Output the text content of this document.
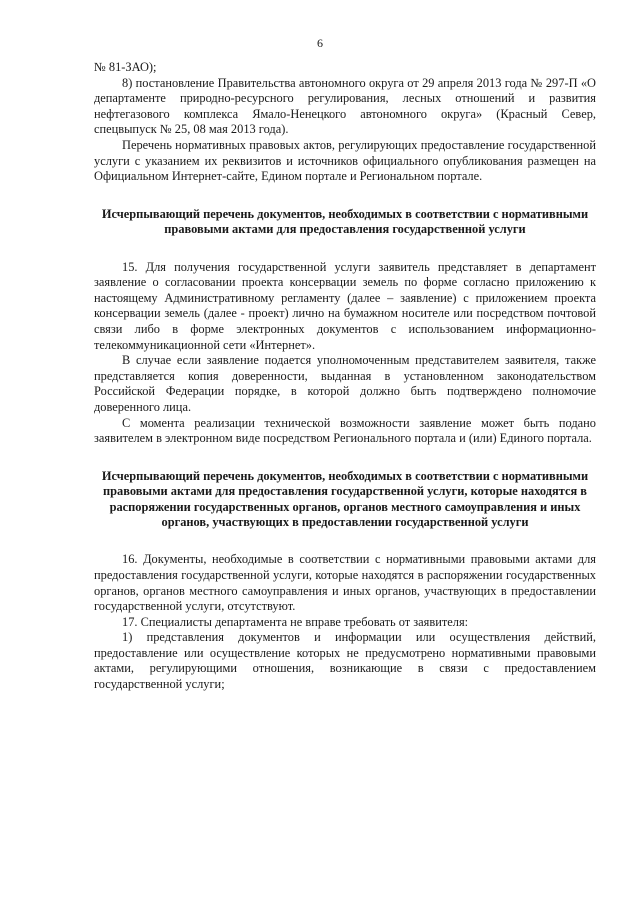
6

№ 81-ЗАО);

8) постановление Правительства автономного округа от 29 апреля 2013 года № 297-П «О департаменте природно-ресурсного регулирования, лесных отношений и развития нефтегазового комплекса Ямало-Ненецкого автономного округа» (Красный Север, спецвыпуск № 25, 08 мая 2013 года).

Перечень нормативных правовых актов, регулирующих предоставление государственной услуги с указанием их реквизитов и источников официального опубликования размещен на Официальном Интернет-сайте, Едином портале и Региональном портале.

Исчерпывающий перечень документов, необходимых в соответствии с нормативными правовыми актами для предоставления государственной услуги

15. Для получения государственной услуги заявитель представляет в департамент заявление о согласовании проекта консервации земель по форме согласно приложению к настоящему Административному регламенту (далее – заявление) с приложением проекта консервации земель (далее - проект) лично на бумажном носителе или посредством почтовой связи либо в форме электронных документов с использованием информационно-телекоммуникационной сети «Интернет».

В случае если заявление подается уполномоченным представителем заявителя, также представляется копия доверенности, выданная в установленном законодательством Российской Федерации порядке, в которой должно быть подтверждено полномочие доверенного лица.

С момента реализации технической возможности заявление может быть подано заявителем в электронном виде посредством Регионального портала и (или) Единого портала.

Исчерпывающий перечень документов, необходимых в соответствии с нормативными правовыми актами для предоставления государственной услуги, которые находятся в распоряжении государственных органов, органов местного самоуправления и иных органов, участвующих в предоставлении государственной услуги

16. Документы, необходимые в соответствии с нормативными правовыми актами для предоставления государственной услуги, которые находятся в распоряжении государственных органов, органов местного самоуправления и иных органов, участвующих в предоставлении государственной услуги, отсутствуют.

17. Специалисты департамента не вправе требовать от заявителя:

1) представления документов и информации или осуществления действий, предоставление или осуществление которых не предусмотрено нормативными правовыми актами, регулирующими отношения, возникающие в связи с предоставлением государственной услуги;
